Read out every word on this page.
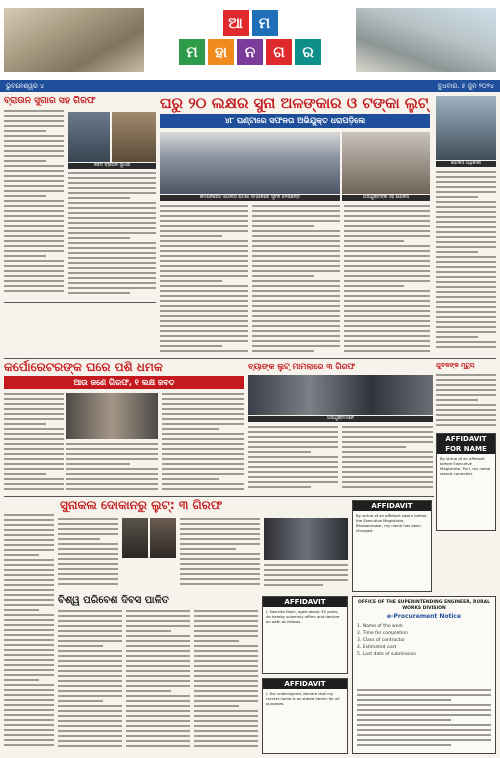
ଆ	ମ
ମ	ହା	ନ	ଗ	ର
ଭୁବନେଶ୍ୱର ୪	ବୁଧବାର, ୫ ଜୁନ ୨୦୨୪
ବ୍ରାଉନ ସୁଗାର ସହ ଗିରଫ	ଘରୁ ୨୦ ଲକ୍ଷର ସୁନା ଅଳଙ୍କାର ଓ ଟଙ୍କା ଲୁଟ୍
୪୮ ଘଣ୍ଟାରେ ସଫଳତା ଅଭିଯୁକ୍ତ ଧରାପଡ଼ିଲେ
ଜବତ ବ୍ରାଉନ ସୁଗାର
କମିଶନରେଟ ପୋଲିସ ଘଟଣା ସମ୍ପର୍କରେ ସୂଚନା ଦେଉଛନ୍ତି	ଅଭିଯୁକ୍ତଙ୍କ ସହ ପୋଲିସ
ପୋଲିସ ଅଧିକାରୀ
କର୍ପୋରେଟରଙ୍କ ଘରେ ପଶି ଧମକ
ଆଉ ଜଣେ ଗିରଫ, ୧ ଲକ୍ଷ ଜବତ
ବ୍ୟାଙ୍କ ଲୁଟ୍ ମାମଲାରେ ୩ ଗିରଫ
ଅଭିଯୁକ୍ତମାନେ
ଯୁବକଙ୍କ ମୃତ୍ୟୁ
AFFIDAVIT FOR NAME
By virtue of an affidavit before Executive Magistrate, Puri, my name stands corrected.
ସୁନାକଲ ଦୋକାନରୁ ଲୁଟ୍: ୩ ଗିରଫ	AFFIDAVIT
By virtue of an affidavit sworn before the Executive Magistrate, Bhubaneswar, my name has been changed.
ବିଶ୍ୱ ପରିବେଶ ଦିବସ ପାଳିତ	AFFIDAVIT
I, Sasmita Dash, aged about 35 years, do hereby solemnly affirm and declare on oath as follows.
AFFIDAVIT
I, the undersigned, declare that my correct name is as stated herein for all purposes.
OFFICE OF THE SUPERINTENDING ENGINEER, RURAL WORKS DIVISION
e-Procurement Notice
1. Name of the work
2. Time for completion
3. Class of contractor
4. Estimated cost
5. Last date of submission
